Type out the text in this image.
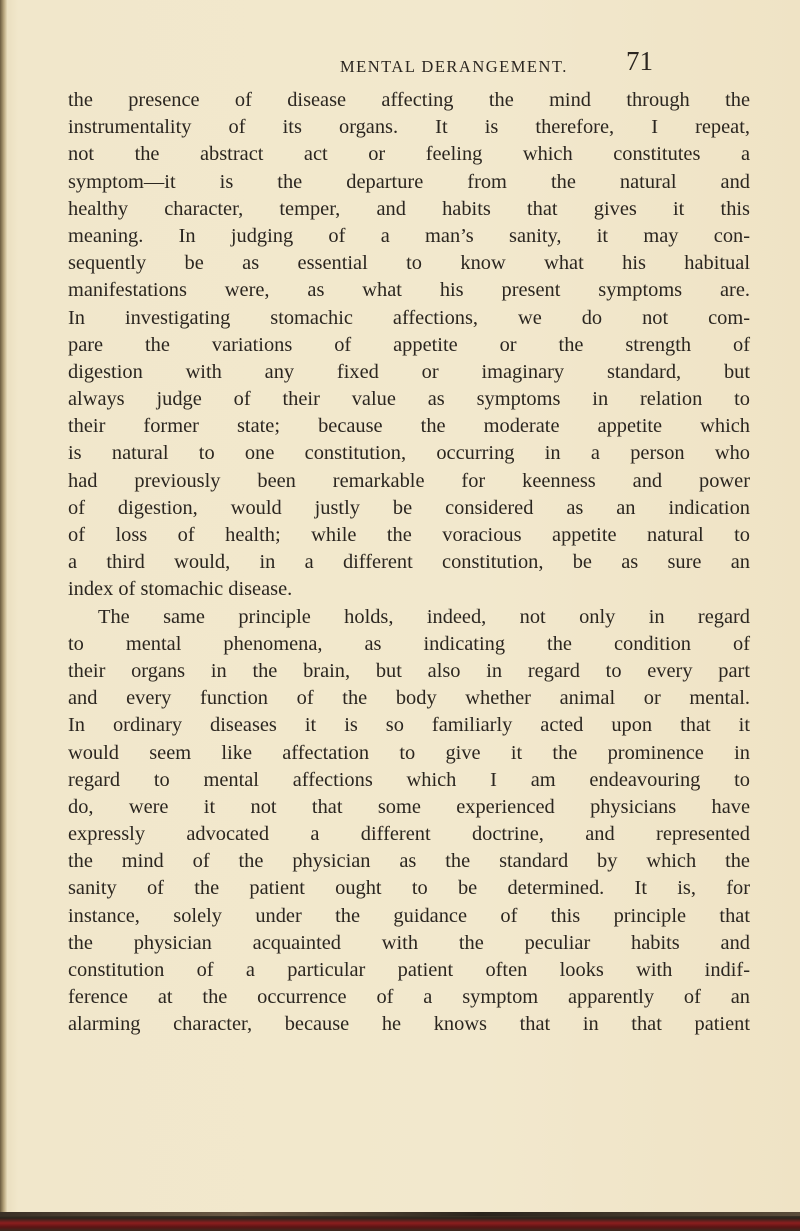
MENTAL DERANGEMENT. 71
the presence of disease affecting the mind through the
instrumentality of its organs. It is therefore, I repeat,
not the abstract act or feeling which constitutes a
symptom—it is the departure from the natural and
healthy character, temper, and habits that gives it this
meaning. In judging of a man’s sanity, it may con-
sequently be as essential to know what his habitual
manifestations were, as what his present symptoms are.
In investigating stomachic affections, we do not com-
pare the variations of appetite or the strength of
digestion with any fixed or imaginary standard, but
always judge of their value as symptoms in relation to
their former state; because the moderate appetite which
is natural to one constitution, occurring in a person who
had previously been remarkable for keenness and power
of digestion, would justly be considered as an indication
of loss of health; while the voracious appetite natural to
a third would, in a different constitution, be as sure an
index of stomachic disease.
The same principle holds, indeed, not only in regard
to mental phenomena, as indicating the condition of
their organs in the brain, but also in regard to every part
and every function of the body whether animal or mental.
In ordinary diseases it is so familiarly acted upon that it
would seem like affectation to give it the prominence in
regard to mental affections which I am endeavouring to
do, were it not that some experienced physicians have
expressly advocated a different doctrine, and represented
the mind of the physician as the standard by which the
sanity of the patient ought to be determined. It is, for
instance, solely under the guidance of this principle that
the physician acquainted with the peculiar habits and
constitution of a particular patient often looks with indif-
ference at the occurrence of a symptom apparently of an
alarming character, because he knows that in that patient
